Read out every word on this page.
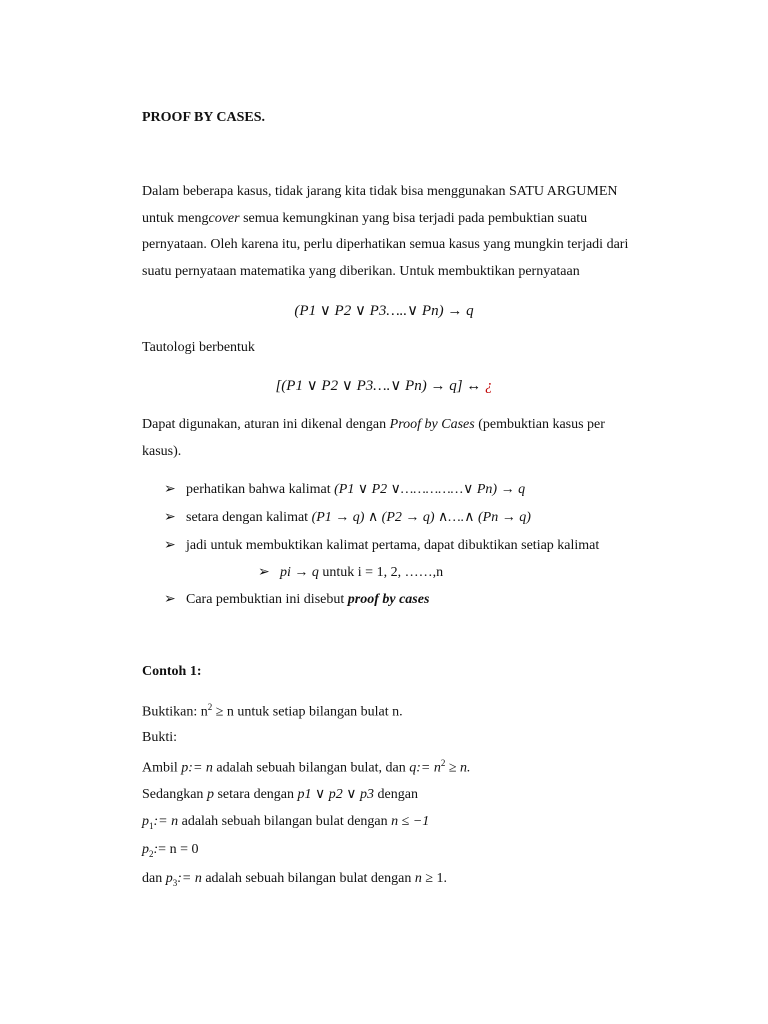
PROOF BY CASES.
Dalam beberapa kasus, tidak jarang kita tidak bisa menggunakan SATU ARGUMEN
untuk mengcover semua kemungkinan yang bisa terjadi pada pembuktian suatu
pernyataan. Oleh karena itu, perlu diperhatikan semua kasus yang mungkin terjadi dari
suatu pernyataan matematika yang diberikan. Untuk membuktikan pernyataan
(P1 ∨ P2 ∨ P3…..∨ Pn) → q
Tautologi berbentuk
[(P1 ∨ P2 ∨ P3….∨ Pn) → q] ↔ ¿
Dapat digunakan, aturan ini dikenal dengan Proof by Cases (pembuktian kasus per
kasus).
➢ perhatikan bahwa kalimat (P1 ∨ P2 ∨……………∨ Pn) → q
➢ setara dengan kalimat (P1 → q) ∧ (P2 → q) ∧….∧ (Pn → q)
➢ jadi untuk membuktikan kalimat pertama, dapat dibuktikan setiap kalimat
➢ pi → q untuk i = 1, 2, ……,n
➢ Cara pembuktian ini disebut proof by cases
Contoh 1:
Buktikan: $n^2 \ge n$ untuk setiap bilangan bulat n.
Bukti:
Ambil p:= n adalah sebuah bilangan bulat, dan q:= $n^2 \ge n$.
Sedangkan p setara dengan p1 ∨ p2 ∨ p3 dengan
$p_1:= n$ adalah sebuah bilangan bulat dengan n ≤ −1
$p_2:= n = 0$
dan $p_3:= n$ adalah sebuah bilangan bulat dengan n ≥ 1.
